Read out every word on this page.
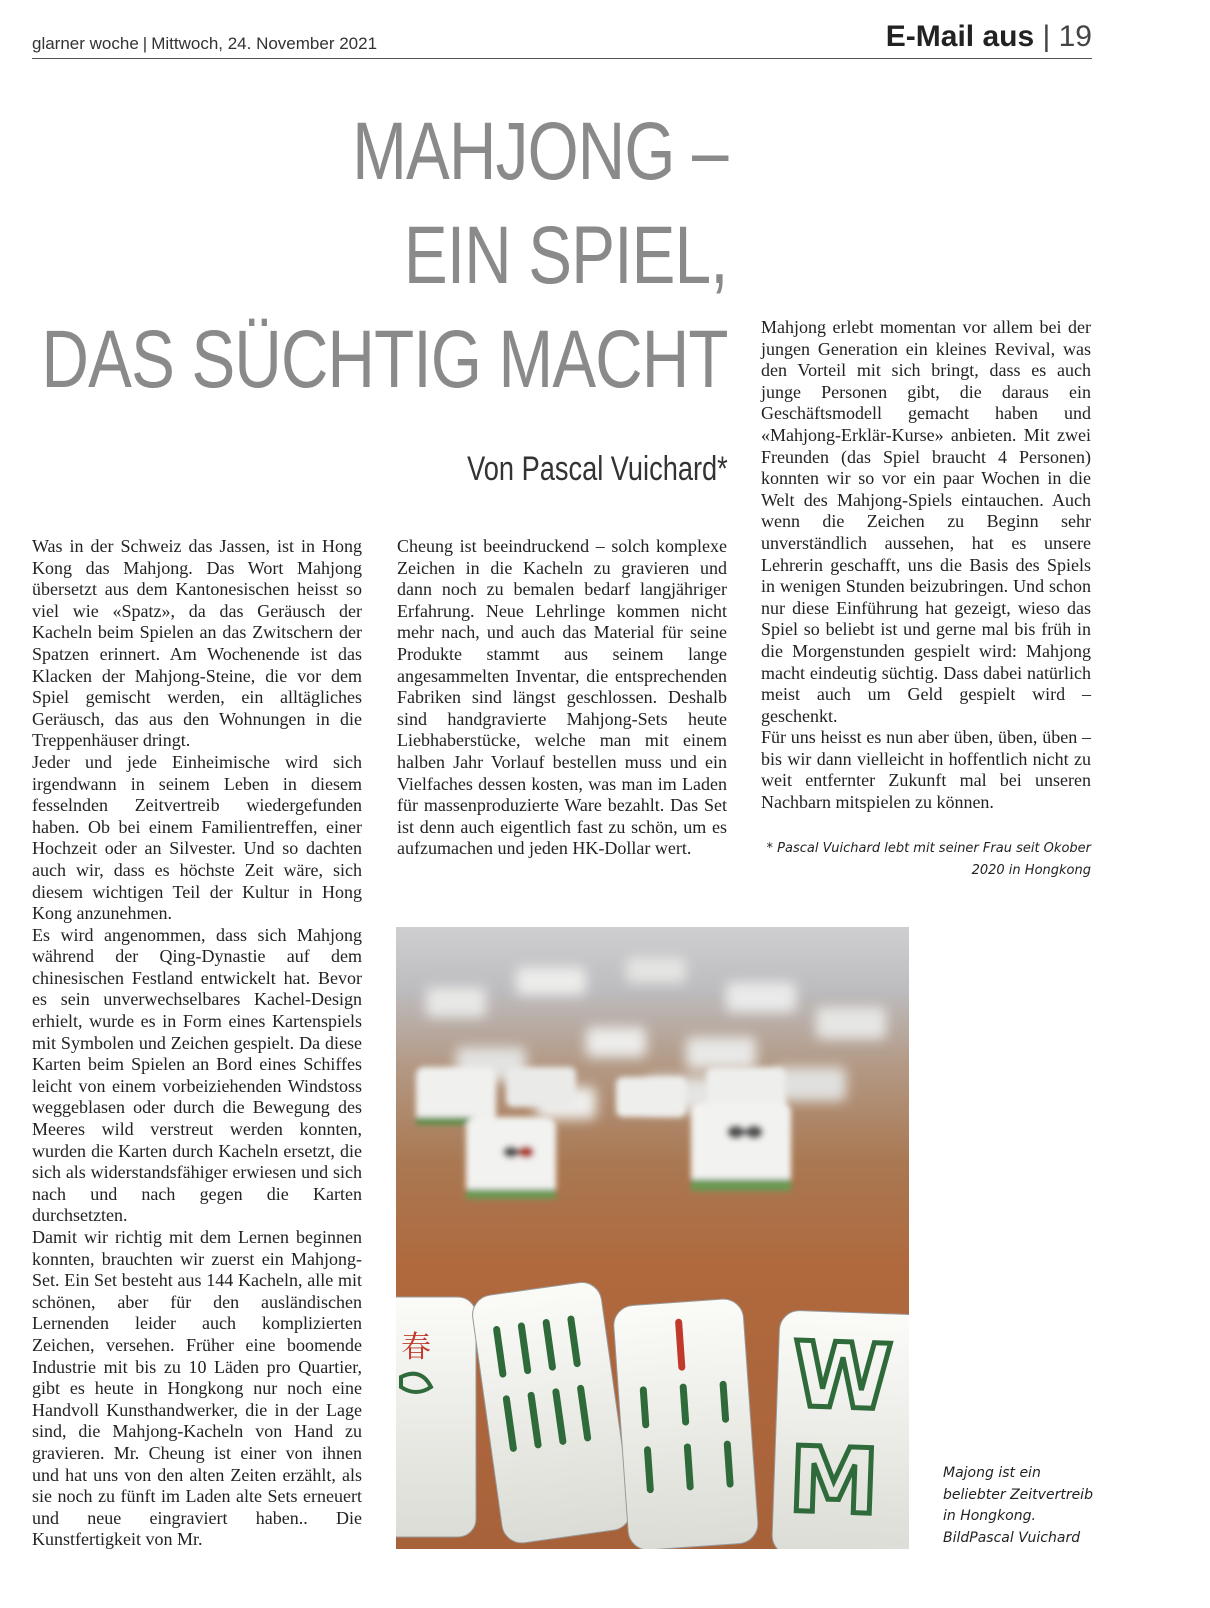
glarner woche | Mittwoch, 24. November 2021	E-Mail aus | 19
MAHJONG –
EIN SPIEL,
DAS SÜCHTIG MACHT
Von Pascal Vuichard*

Was in der Schweiz das Jassen, ist in Hong Kong das Mahjong. Das Wort Mahjong übersetzt aus dem Kantonesischen heisst so viel wie «Spatz», da das Geräusch der Kacheln beim Spielen an das Zwitschern der Spatzen erinnert. Am Wochenende ist das Klacken der Mahjong-Steine, die vor dem Spiel gemischt werden, ein alltägliches Geräusch, das aus den Wohnungen in die Treppenhäuser dringt.

Jeder und jede Einheimische wird sich irgendwann in seinem Leben in diesem fesselnden Zeitvertreib wiedergefunden haben. Ob bei einem Familientreffen, einer Hochzeit oder an Silvester. Und so dachten auch wir, dass es höchste Zeit wäre, sich diesem wichtigen Teil der Kultur in Hong Kong anzunehmen.

Es wird angenommen, dass sich Mahjong während der Qing-Dynastie auf dem chinesischen Festland entwickelt hat. Bevor es sein unverwechselbares Kachel-Design erhielt, wurde es in Form eines Kartenspiels mit Symbolen und Zeichen gespielt. Da diese Karten beim Spielen an Bord eines Schiffes leicht von einem vorbeiziehenden Windstoss weggeblasen oder durch die Bewegung des Meeres wild verstreut werden konnten, wurden die Karten durch Kacheln ersetzt, die sich als widerstandsfähiger erwiesen und sich nach und nach gegen die Karten durchsetzten.

Damit wir richtig mit dem Lernen beginnen konnten, brauchten wir zuerst ein Mahjong-Set. Ein Set besteht aus 144 Kacheln, alle mit schönen, aber für den ausländischen Lernenden leider auch komplizierten Zeichen, versehen. Früher eine boomende Industrie mit bis zu 10 Läden pro Quartier, gibt es heute in Hongkong nur noch eine Handvoll Kunsthandwerker, die in der Lage sind, die Mahjong-Kacheln von Hand zu gravieren. Mr. Cheung ist einer von ihnen und hat uns von den alten Zeiten erzählt, als sie noch zu fünft im Laden alte Sets erneuert und neue eingraviert haben.. Die Kunstfertigkeit von Mr.

Cheung ist beeindruckend – solch komplexe Zeichen in die Kacheln zu gravieren und dann noch zu bemalen bedarf langjähriger Erfahrung. Neue Lehrlinge kommen nicht mehr nach, und auch das Material für seine Produkte stammt aus seinem lange angesammelten Inventar, die entsprechenden Fabriken sind längst geschlossen. Deshalb sind handgravierte Mahjong-Sets heute Liebhaberstücke, welche man mit einem halben Jahr Vorlauf bestellen muss und ein Vielfaches dessen kosten, was man im Laden für massenproduzierte Ware bezahlt. Das Set ist denn auch eigentlich fast zu schön, um es aufzumachen und jeden HK-Dollar wert.

Mahjong erlebt momentan vor allem bei der jungen Generation ein kleines Revival, was den Vorteil mit sich bringt, dass es auch junge Personen gibt, die daraus ein Geschäftsmodell gemacht haben und «Mahjong-Erklär-Kurse» anbieten. Mit zwei Freunden (das Spiel braucht 4 Personen) konnten wir so vor ein paar Wochen in die Welt des Mahjong-Spiels eintauchen. Auch wenn die Zeichen zu Beginn sehr unverständlich aussehen, hat es unsere Lehrerin geschafft, uns die Basis des Spiels in wenigen Stunden beizubringen. Und schon nur diese Einführung hat gezeigt, wieso das Spiel so beliebt ist und gerne mal bis früh in die Morgenstunden gespielt wird: Mahjong macht eindeutig süchtig. Dass dabei natürlich meist auch um Geld gespielt wird – geschenkt.

Für uns heisst es nun aber üben, üben, üben – bis wir dann vielleicht in hoffentlich nicht zu weit entfernter Zukunft mal bei unseren Nachbarn mitspielen zu können.

* Pascal Vuichard lebt mit seiner Frau seit Okober
2020 in Hongkong
春	W
M	Majong ist ein
beliebter Zeitvertreib
in Hongkong.
BildPascal Vuichard
